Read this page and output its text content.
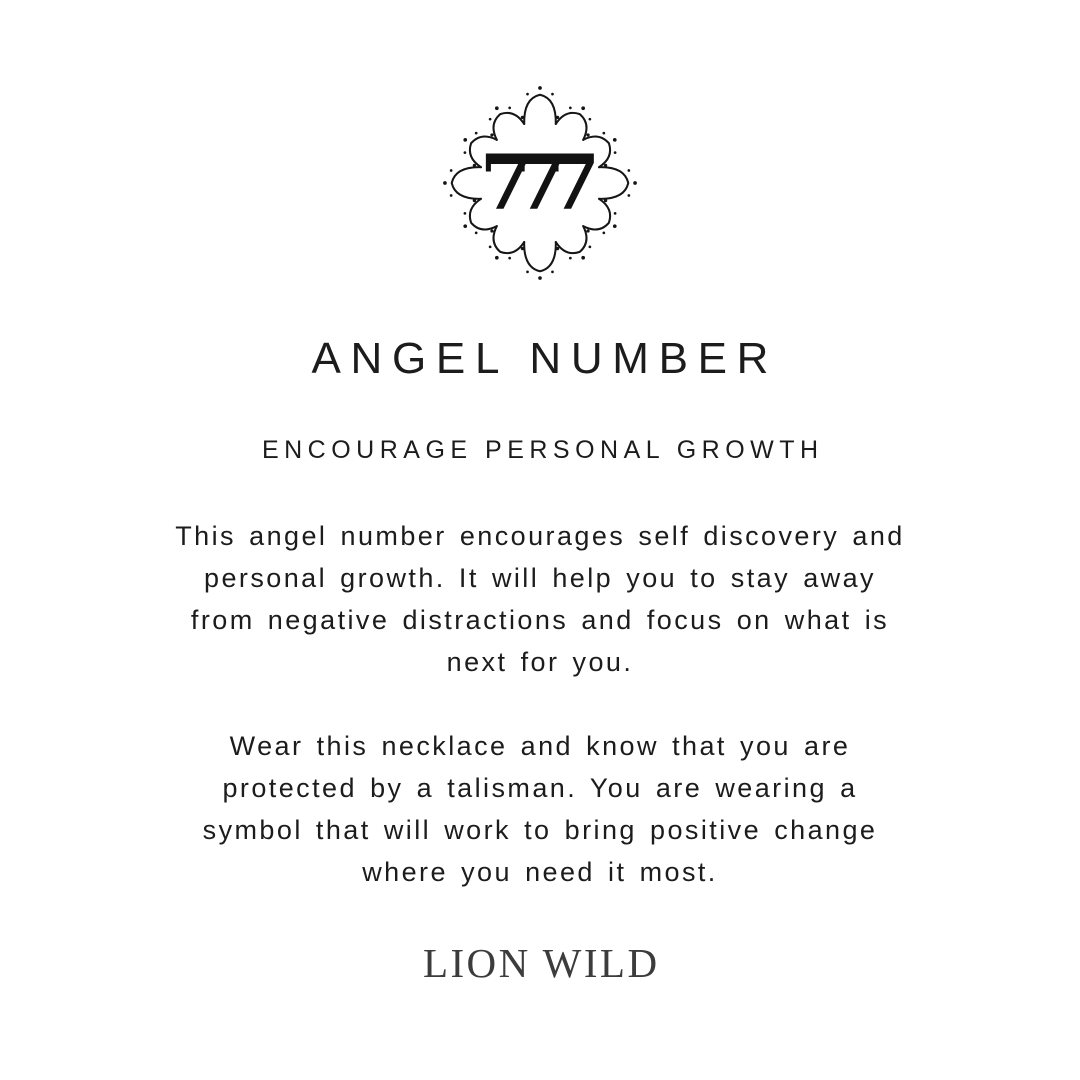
777
ANGEL NUMBER
ENCOURAGE PERSONAL GROWTH
This angel number encourages self discovery and
personal growth. It will help you to stay away
from negative distractions and focus on what is
next for you.
Wear this necklace and know that you are
protected by a talisman. You are wearing a
symbol that will work to bring positive change
where you need it most.
LION WILD
